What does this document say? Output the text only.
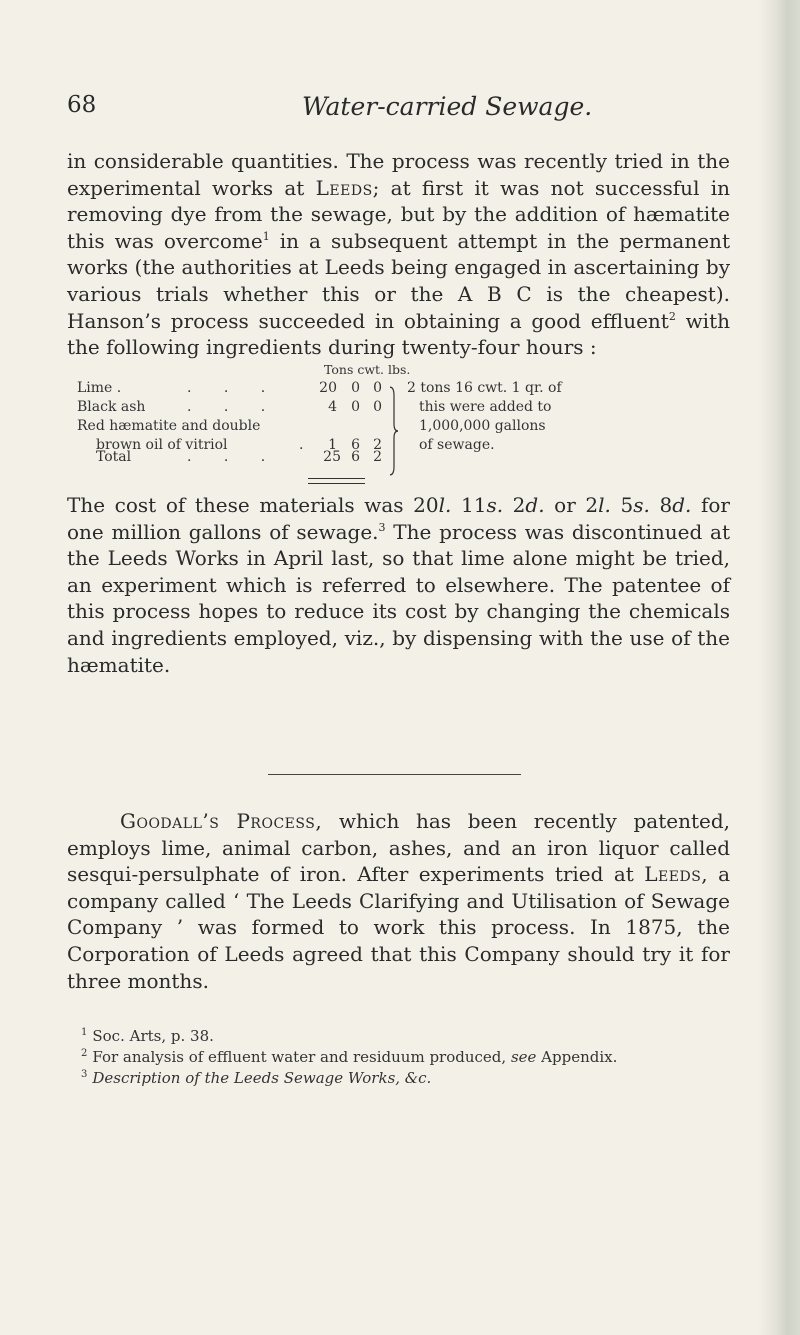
68	Water-carried Sewage.

in considerable quantities. The process was recently tried in the experimental works at Leeds; at first it was not successful in removing dye from the sewage, but by the addition of hæmatite this was overcome$^1$ in a subsequent attempt in the permanent works (the authorities at Leeds being engaged in ascertaining by various trials whether this or the A B C is the cheapest). Hanson’s process succeeded in obtaining a good effluent$^2$ with the following ingredients during twenty-four hours :

Tons cwt. lbs.
Lime .	. . .	20	0 0
Black ash	. . .	4	0 0
Red hæmatite and double
brown oil of vitriol	.	1	6 2
2 tons 16 cwt. 1 qr. of
this were added to
1,000,000 gallons
of sewage.
Total	. . .	25 6 2

The cost of these materials was 20l. 11s. 2d. or 2l. 5s. 8d. for one million gallons of sewage.$^3$ The process was discontinued at the Leeds Works in April last, so that lime alone might be tried, an experiment which is referred to elsewhere. The patentee of this process hopes to reduce its cost by changing the chemicals and ingredients employed, viz., by dispensing with the use of the hæmatite.

Goodall’s Process, which has been recently patented, employs lime, animal carbon, ashes, and an iron liquor called sesqui-persulphate of iron. After experiments tried at Leeds, a company called ‘ The Leeds Clarifying and Utilisation of Sewage Company ’ was formed to work this process. In 1875, the Corporation of Leeds agreed that this Company should try it for three months.

$^1$ Soc. Arts, p. 38.
$^2$ For analysis of effluent water and residuum produced, see Appendix.
$^3$ Description of the Leeds Sewage Works, &c.
